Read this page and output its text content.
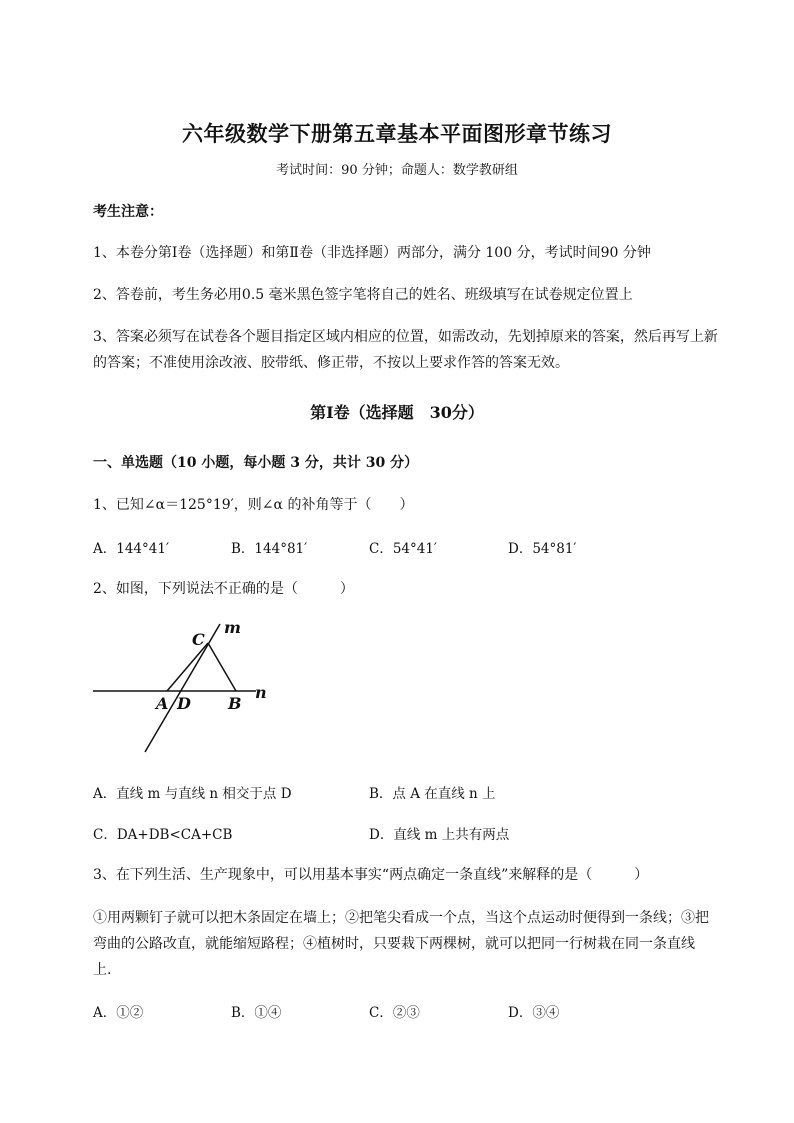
六年级数学下册第五章基本平面图形章节练习
考试时间：90 分钟；命题人：数学教研组
考生注意：
1、本卷分第Ⅰ卷（选择题）和第Ⅱ卷（非选择题）两部分，满分 100 分，考试时间90 分钟
2、答卷前，考生务必用0.5 毫米黑色签字笔将自己的姓名、班级填写在试卷规定位置上
3、答案必须写在试卷各个题目指定区域内相应的位置，如需改动，先划掉原来的答案，然后再写上新
的答案；不准使用涂改液、胶带纸、修正带，不按以上要求作答的答案无效。
第Ⅰ卷（选择题　30分）
一、单选题（10 小题，每小题 3 分，共计 30 分）
1、已知∠α＝125°19′，则∠α 的补角等于（　　）
A．144°41′	B．144°81′	C．54°41′	D．54°81′
2、如图，下列说法不正确的是（　　　）
C
m
A D B
n
A．直线 m 与直线 n 相交于点 D	B．点 A 在直线 n 上
C．DA+DB<CA+CB	D．直线 m 上共有两点
3、在下列生活、生产现象中，可以用基本事实“两点确定一条直线”来解释的是（　　　）
①用两颗钉子就可以把木条固定在墙上；②把笔尖看成一个点，当这个点运动时便得到一条线；③把
弯曲的公路改直，就能缩短路程；④植树时，只要栽下两棵树，就可以把同一行树栽在同一条直线
上.
A．①②	B．①④	C．②③	D．③④
